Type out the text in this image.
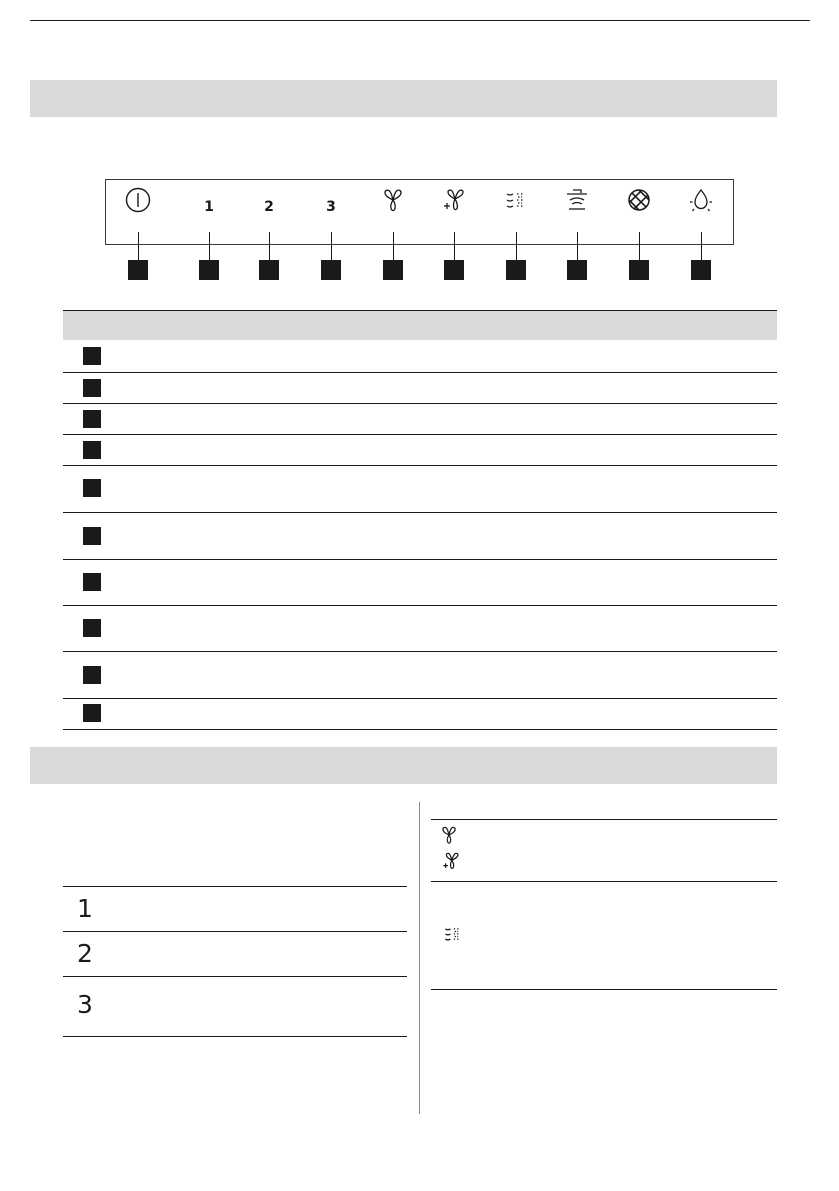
1	2	3
1
2
3
